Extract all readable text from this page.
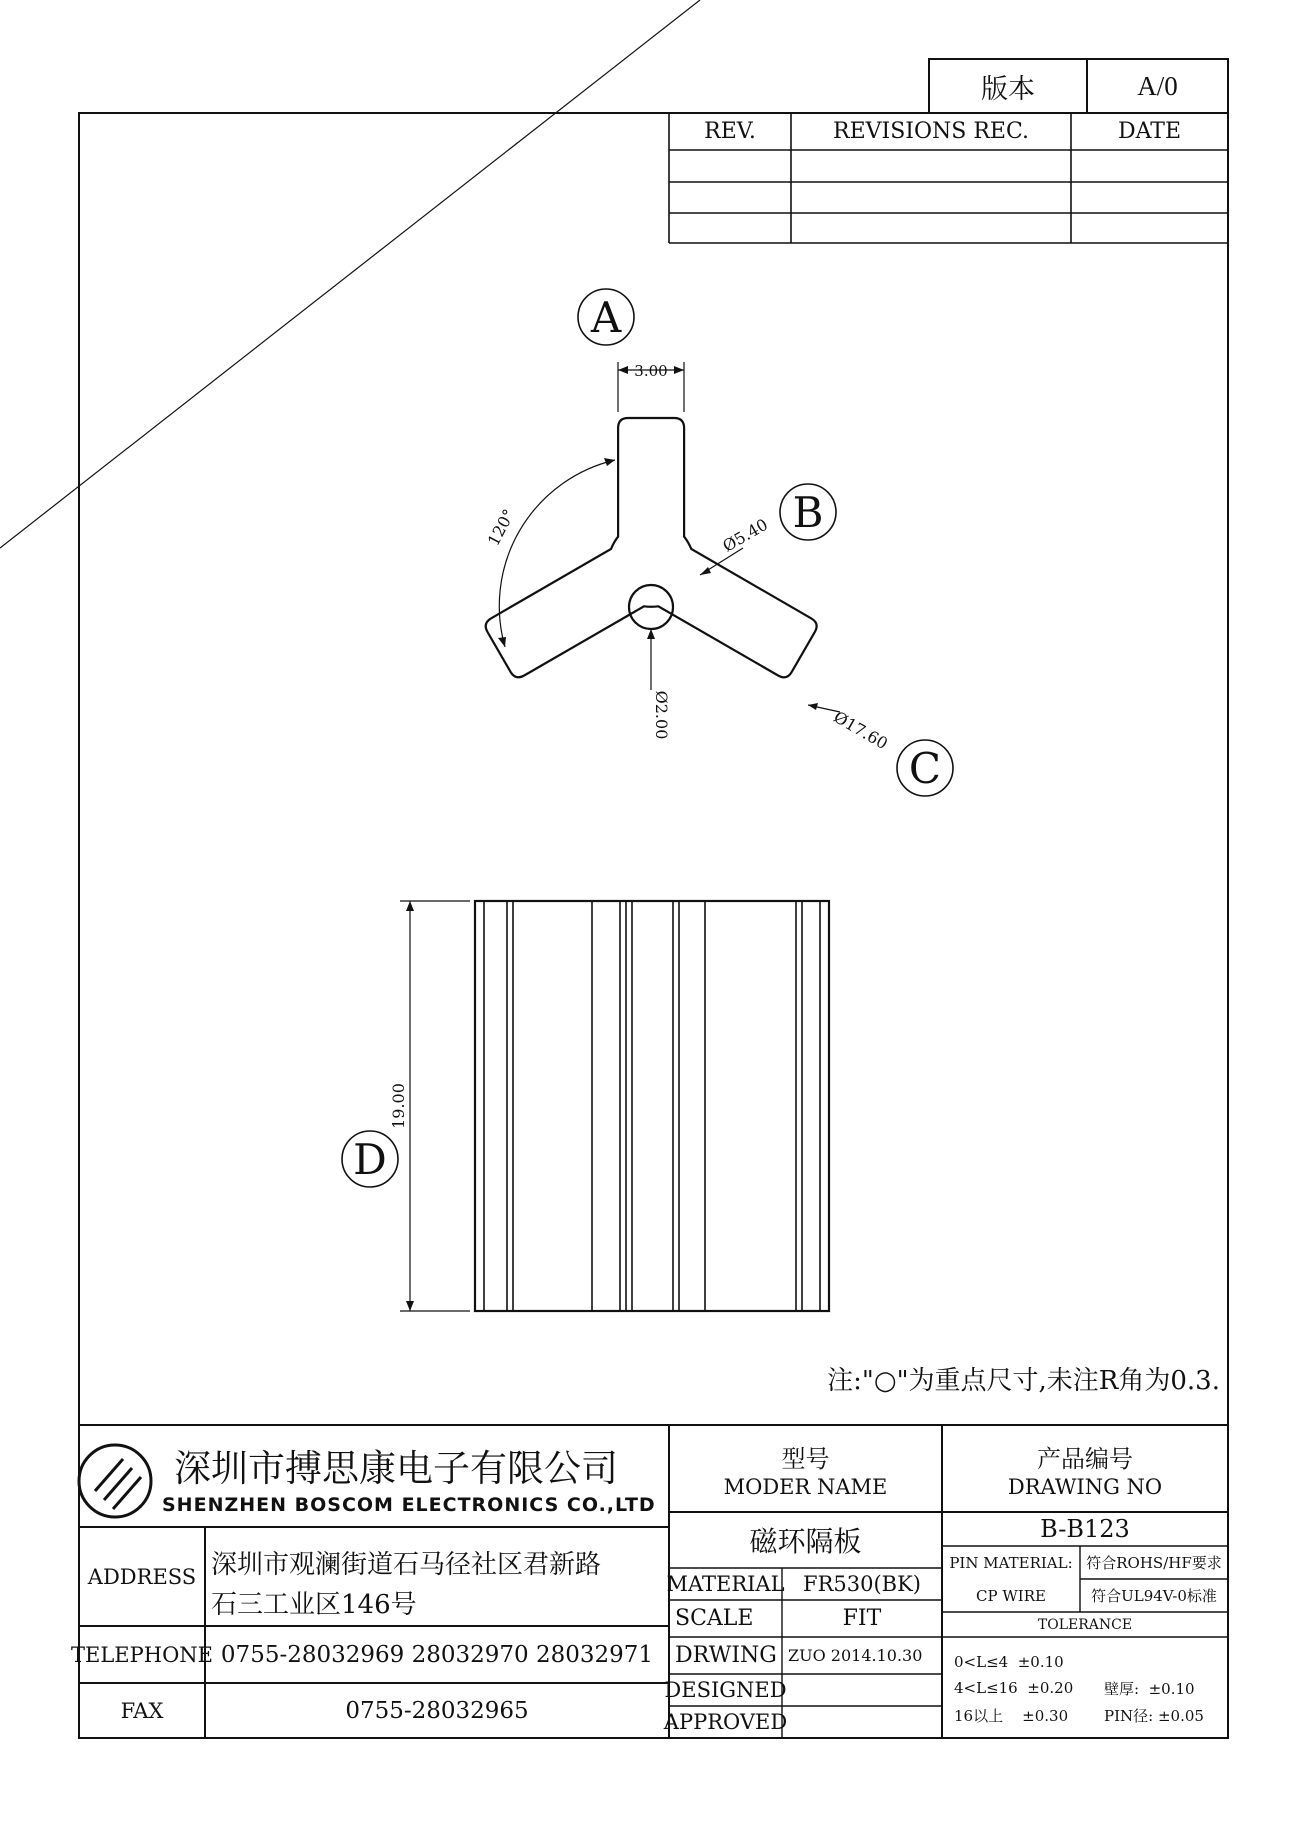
3.00
120°	Ø5.40
Ø2.00	Ø17.60
19.00
A
B
C
D
版本	A/0
REV.	REVISIONS REC.	DATE
注:"○"为重点尺寸,未注R角为0.3.
深圳市搏思康电子有限公司
SHENZHEN BOSCOM ELECTRONICS CO.,LTD
ADDRESS 深圳市观澜街道石马径社区君新路
石三工业区146号
TELEPHONE 0755-28032969 28032970 28032971
FAX	0755-28032965
型号
MODER NAME
磁环隔板
产品编号
DRAWING NO
B-B123
MATERIAL FR530(BK)
SCALE	FIT
DRWING ZUO 2014.10.30
DESIGNED
APPROVED
PIN MATERIAL: 符合ROHS/HF要求
CP WIRE	符合UL94V-0标准
TOLERANCE
0<L≤4  ±0.10
4<L≤16  ±0.20	壁厚:  ±0.10
16以上    ±0.30	PIN径: ±0.05
